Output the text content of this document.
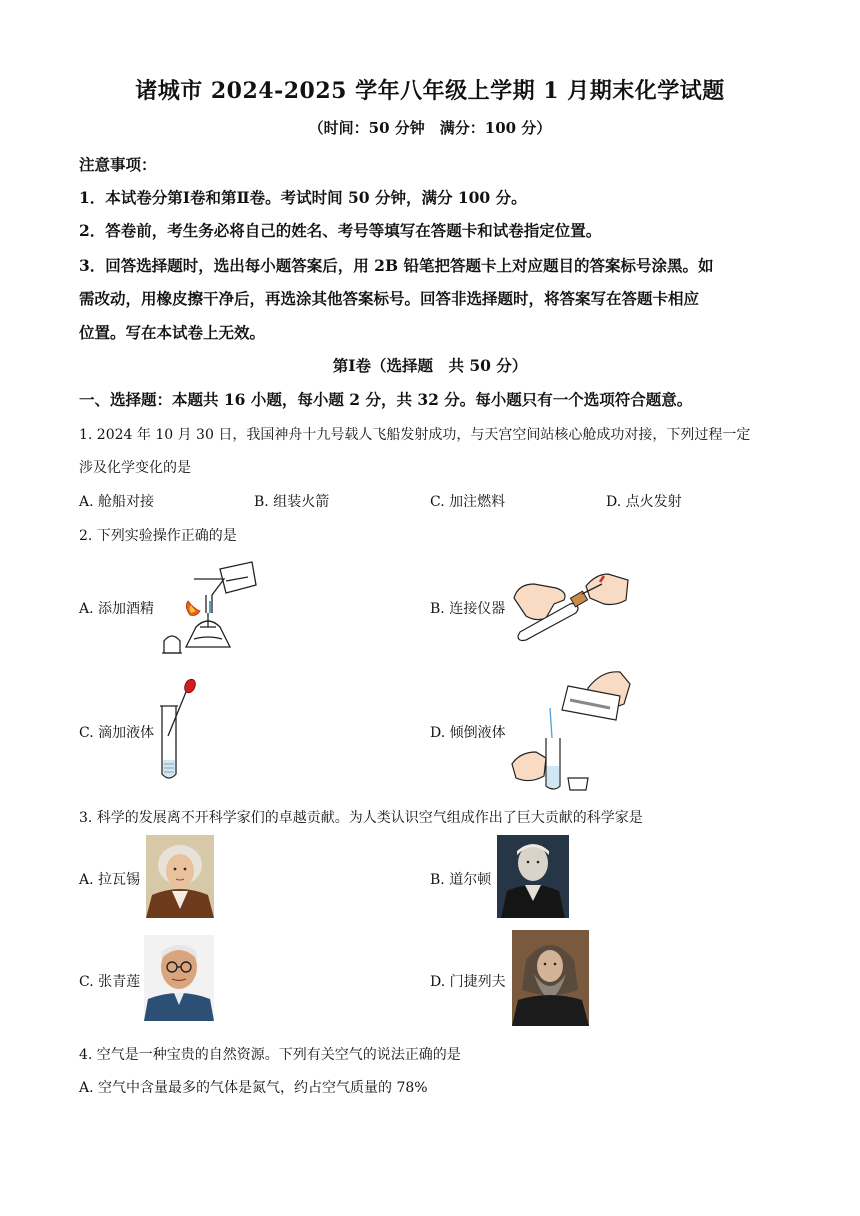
诸城市 2024-2025 学年八年级上学期 1 月期末化学试题
（时间：50 分钟　满分：100 分）
注意事项：
1．本试卷分第Ⅰ卷和第Ⅱ卷。考试时间 50 分钟，满分 100 分。
2．答卷前，考生务必将自己的姓名、考号等填写在答题卡和试卷指定位置。
3．回答选择题时，选出每小题答案后，用 2B 铅笔把答题卡上对应题目的答案标号涂黑。如
需改动，用橡皮擦干净后，再选涂其他答案标号。回答非选择题时，将答案写在答题卡相应
位置。写在本试卷上无效。
第Ⅰ卷（选择题　共 50 分）
一、选择题：本题共 16 小题，每小题 2 分，共 32 分。每小题只有一个选项符合题意。
1. 2024 年 10 月 30 日，我国神舟十九号载人飞船发射成功，与天宫空间站核心舱成功对接，下列过程一定
涉及化学变化的是
A. 舱船对接	B. 组装火箭	C. 加注燃料	D. 点火发射
2. 下列实验操作正确的是
A. 添加酒精	B. 连接仪器
C. 滴加液体	D. 倾倒液体
3. 科学的发展离不开科学家们的卓越贡献。为人类认识空气组成作出了巨大贡献的科学家是
A. 拉瓦锡	B. 道尔顿
C. 张青莲	D. 门捷列夫
4. 空气是一种宝贵的自然资源。下列有关空气的说法正确的是
A. 空气中含量最多的气体是氮气，约占空气质量的 78%
